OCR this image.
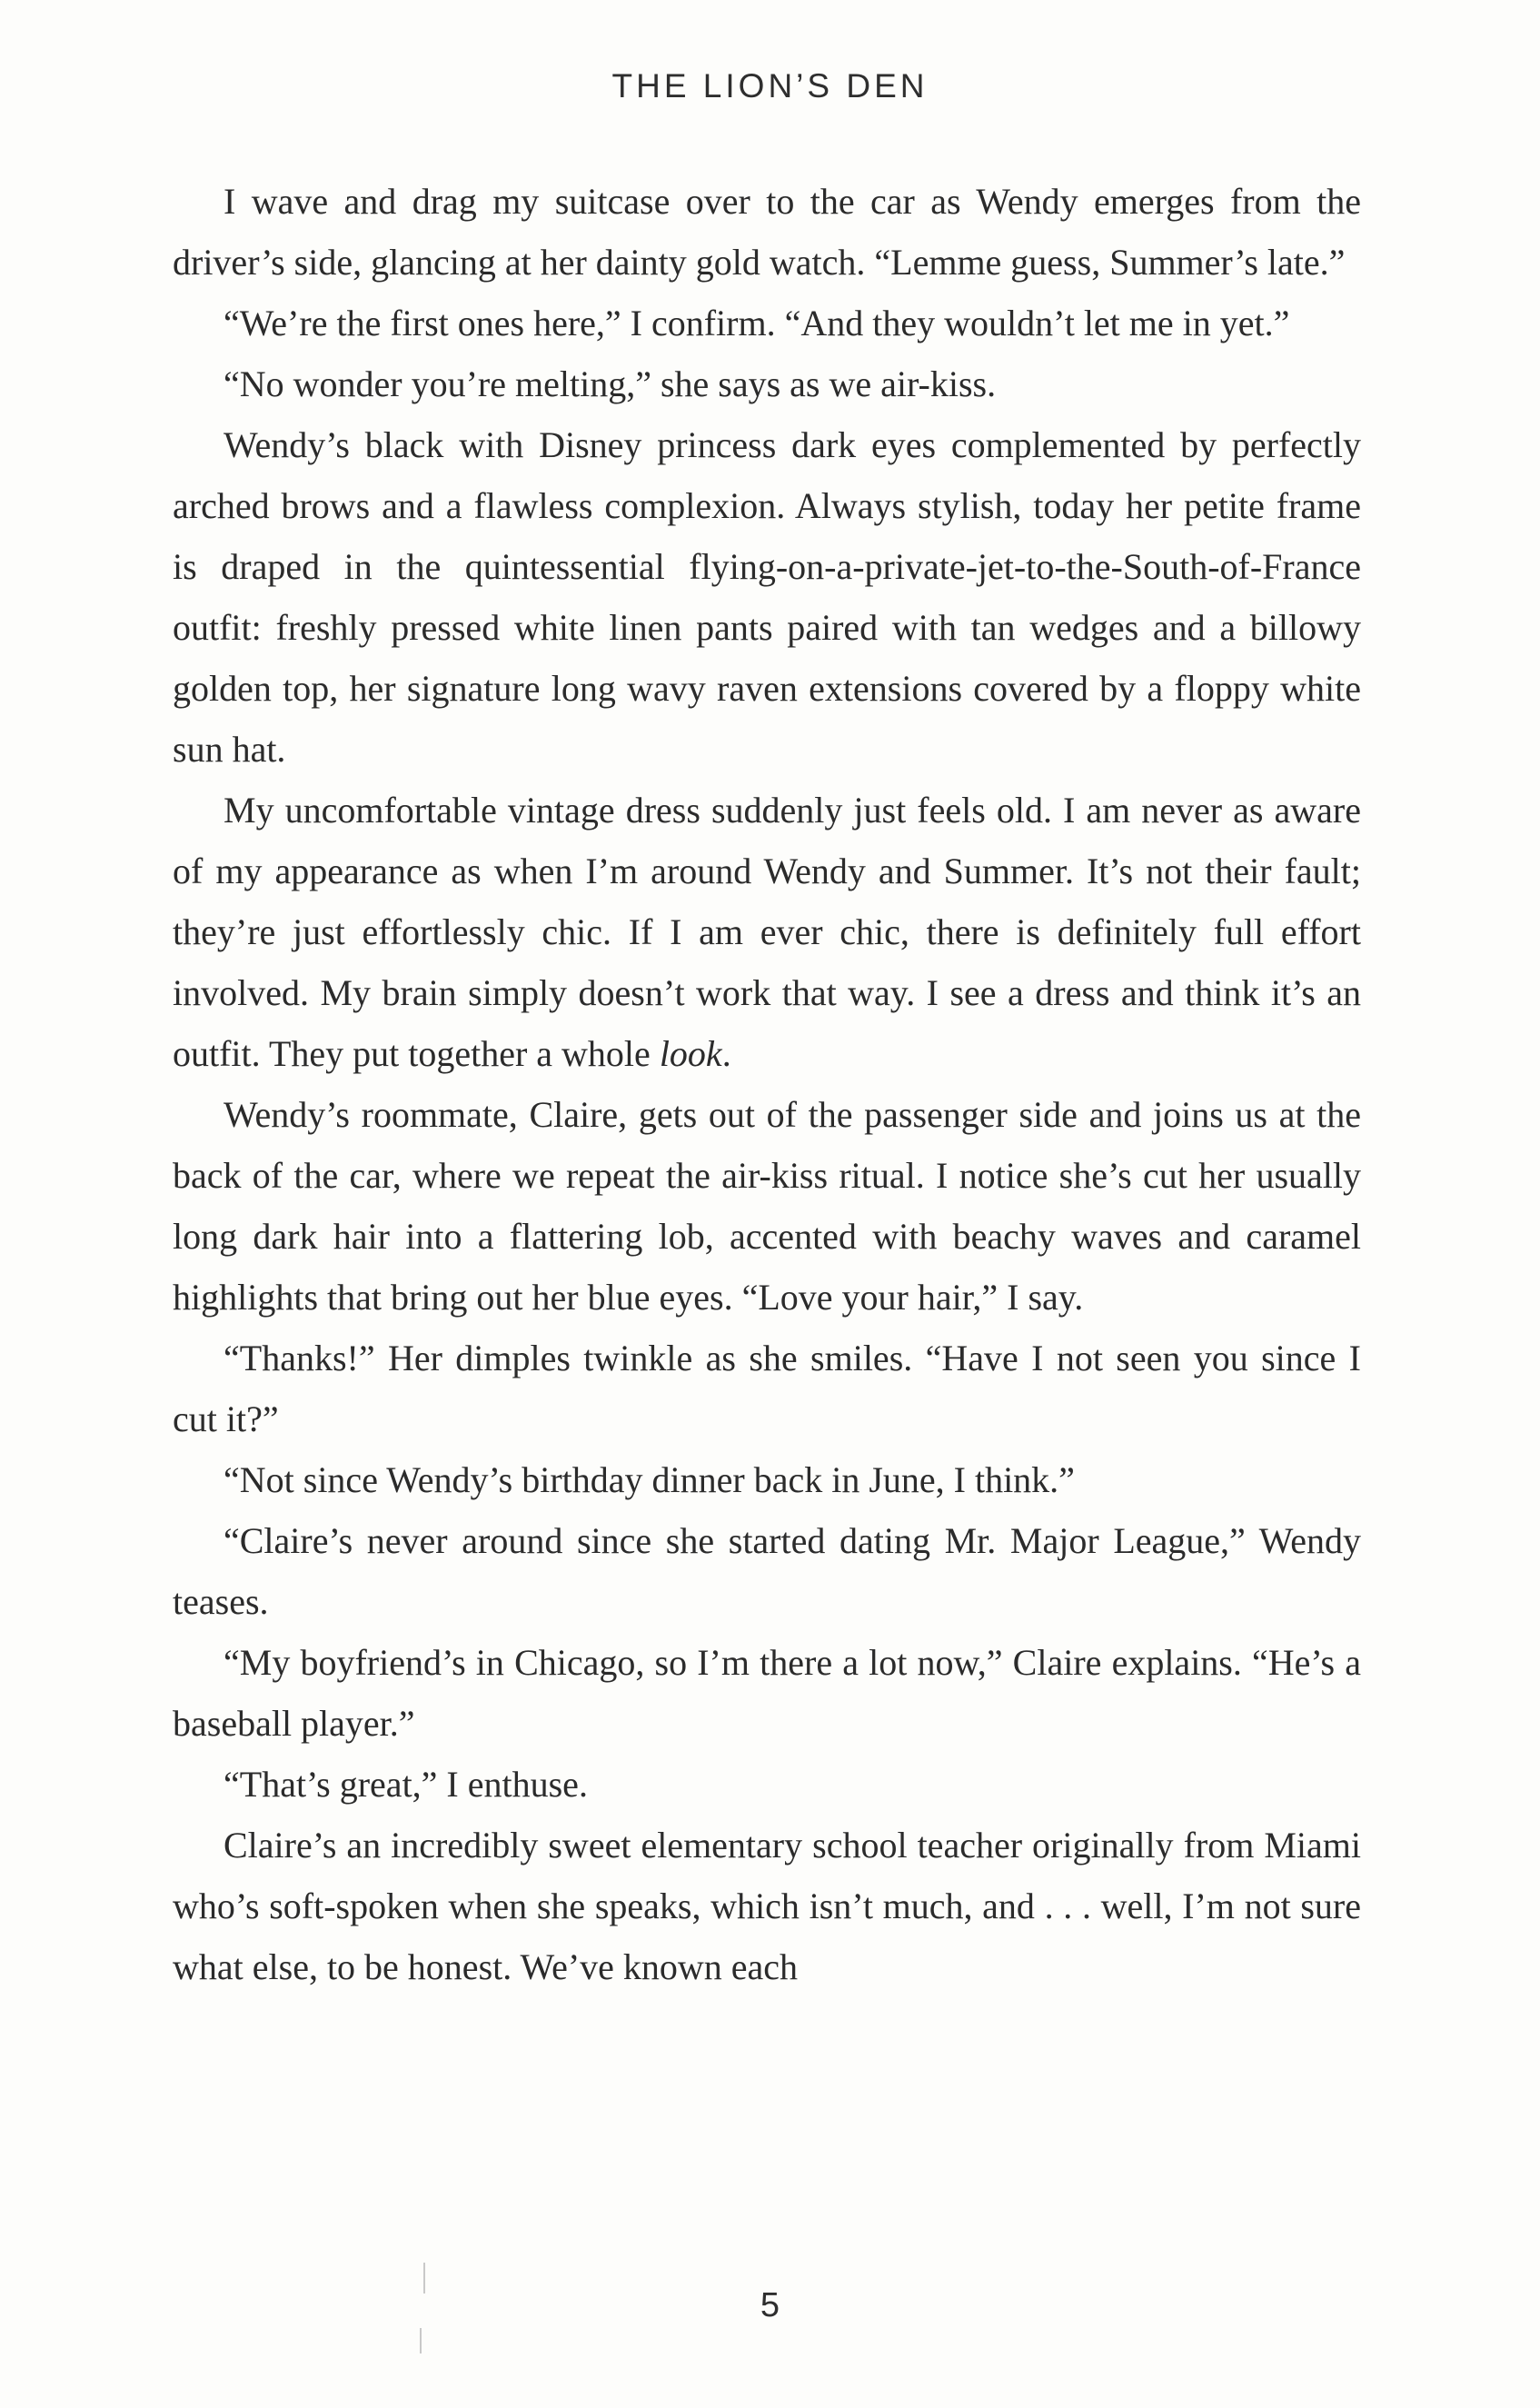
THE LION’S DEN

I wave and drag my suitcase over to the car as Wendy emerges from the driver’s side, glancing at her dainty gold watch. “Lemme guess, Summer’s late.”

“We’re the first ones here,” I confirm. “And they wouldn’t let me in yet.”

“No wonder you’re melting,” she says as we air-kiss.

Wendy’s black with Disney princess dark eyes complemented by perfectly arched brows and a flawless complexion. Always stylish, today her petite frame is draped in the quintessential flying-on-a-private-jet-to-the-South-of-France outfit: freshly pressed white linen pants paired with tan wedges and a billowy golden top, her signature long wavy raven extensions covered by a floppy white sun hat.

My uncomfortable vintage dress suddenly just feels old. I am never as aware of my appearance as when I’m around Wendy and Summer. It’s not their fault; they’re just effortlessly chic. If I am ever chic, there is definitely full effort involved. My brain simply doesn’t work that way. I see a dress and think it’s an outfit. They put together a whole look.

Wendy’s roommate, Claire, gets out of the passenger side and joins us at the back of the car, where we repeat the air-kiss ritual. I notice she’s cut her usually long dark hair into a flattering lob, accented with beachy waves and caramel highlights that bring out her blue eyes. “Love your hair,” I say.

“Thanks!” Her dimples twinkle as she smiles. “Have I not seen you since I cut it?”

“Not since Wendy’s birthday dinner back in June, I think.”

“Claire’s never around since she started dating Mr. Major League,” Wendy teases.

“My boyfriend’s in Chicago, so I’m there a lot now,” Claire explains. “He’s a baseball player.”

“That’s great,” I enthuse.

Claire’s an incredibly sweet elementary school teacher originally from Miami who’s soft-spoken when she speaks, which isn’t much, and . . . well, I’m not sure what else, to be honest. We’ve known each

5
